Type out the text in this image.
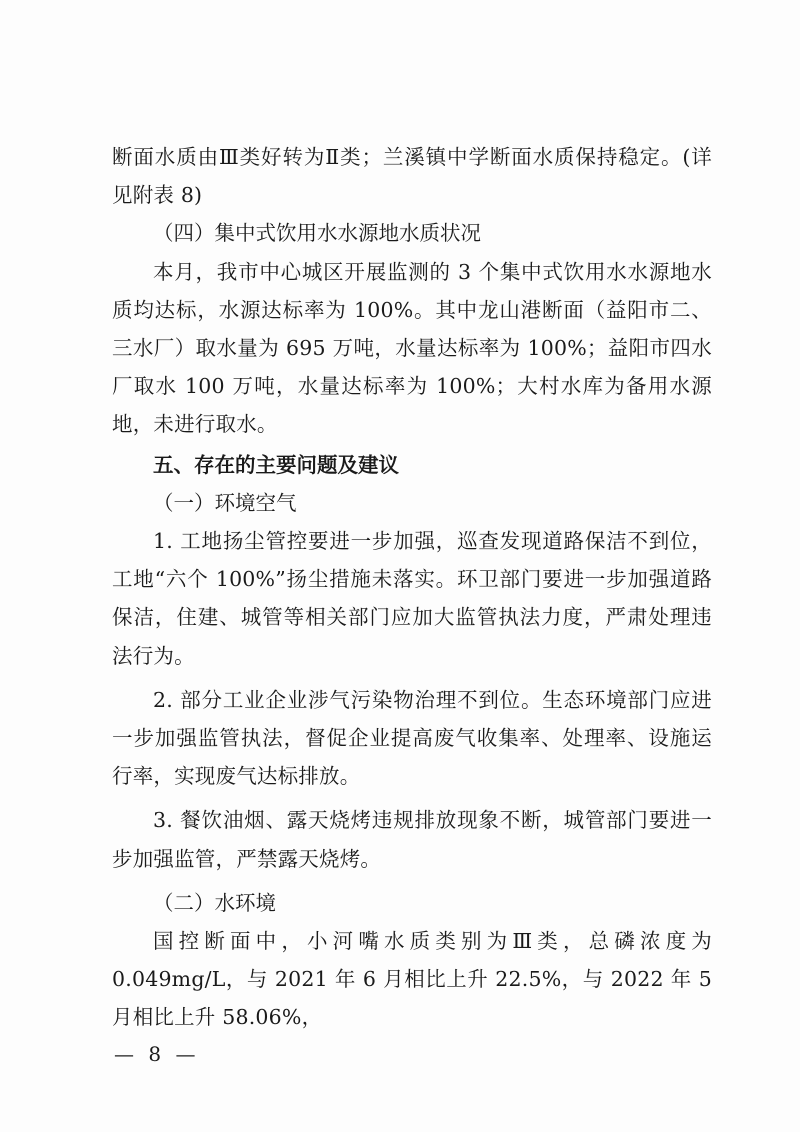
断面水质由Ⅲ类好转为Ⅱ类；兰溪镇中学断面水质保持稳定。(详见附表 8)

（四）集中式饮用水水源地水质状况

本月，我市中心城区开展监测的 3 个集中式饮用水水源地水质均达标，水源达标率为 100%。其中龙山港断面（益阳市二、三水厂）取水量为 695 万吨，水量达标率为 100%；益阳市四水厂取水 100 万吨，水量达标率为 100%；大村水库为备用水源地，未进行取水。

五、存在的主要问题及建议

（一）环境空气

1. 工地扬尘管控要进一步加强，巡查发现道路保洁不到位，工地“六个 100%”扬尘措施未落实。环卫部门要进一步加强道路保洁，住建、城管等相关部门应加大监管执法力度，严肃处理违法行为。

2. 部分工业企业涉气污染物治理不到位。生态环境部门应进一步加强监管执法，督促企业提高废气收集率、处理率、设施运行率，实现废气达标排放。

3. 餐饮油烟、露天烧烤违规排放现象不断，城管部门要进一步加强监管，严禁露天烧烤。

（二）水环境

国控断面中，小河嘴水质类别为Ⅲ类，总磷浓度为 0.049mg/L，与 2021 年 6 月相比上升 22.5%，与 2022 年 5 月相比上升 58.06%，

— 8 —
